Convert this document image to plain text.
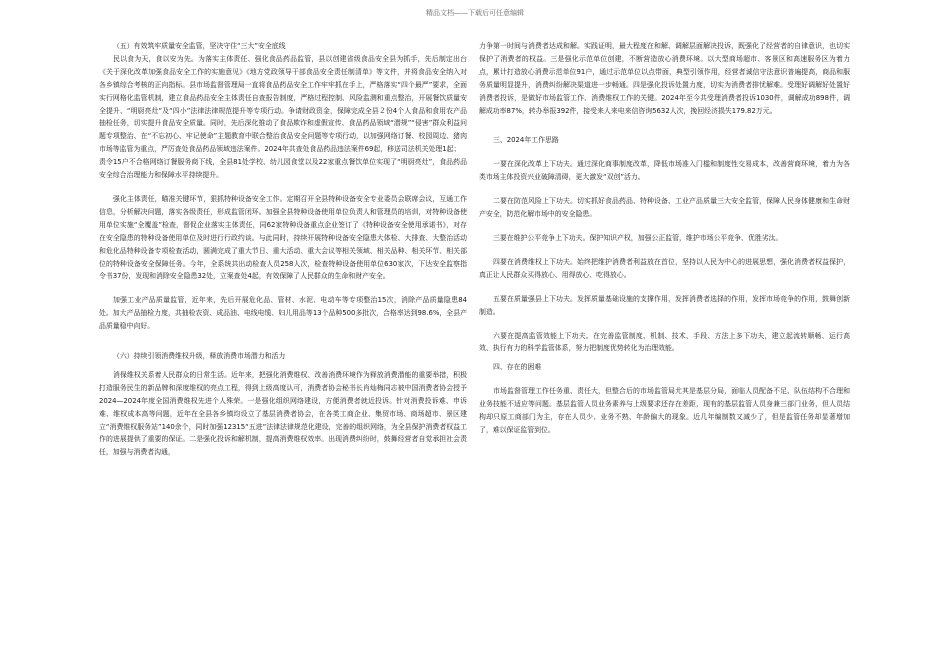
精品文档——下载后可任意编辑

（五）有效筑牢质量安全监管，坚决守住“三大”安全底线

民以食为天，食以安为先。为落实主体责任、强化食品药品监管，县以创建省级食品安全县为抓手，先后制定出台《关于深化改革加强食品安全工作的实施意见》《地方党政领导干部食品安全责任制清单》等文件，并将食品安全纳入对各乡镇综合考核的正向指标。县市场监督管理局一直将食品药品安全工作牢牢抓在手上，严格落实“四个最严”要求，全面实行网格化监管机制，建立食品药品安全主体责任自查报告制度，严格过程控制、风险监测和重点整治，开展餐饮质量安全提升、“明厨亮灶”及“四小”法律法律规范提升等专项行动。争请财政资金，保障完成全县２份4个人食品和食用农产品抽检任务，切实提升食品安全质量。同时，先后深化推动了食品欺诈和虚假宣传、食品药品领域“潜规”“侵害”群众利益问题专项整治、在“不忘初心、牢记使命”主题教育中联合整治食品安全问题等专项行动，以加强网络订餐、校园周边、猪肉市场等监管为重点，严厉查处食品药品领域违法案件。2024年共查处食品药品违法案件69起，移送司法机关处理1起；

责令15户不合格网络订餐服务商下线，全县81处学校、幼儿园食堂以及22家重点餐饮单位实现了“明厨亮灶”，食品药品安全综合治理能力和保障水平持续提升。

强化主体责任，瞄准关键环节，狠抓特种设备安全工作。定期召开全县特种设备安全专业委员会联席会议，互通工作信息，分析解决问题，落实各级责任，形成监管闭环。加强全县特种设备使用单位负责人和管理员的培训，对特种设备使用单位实施“全覆盖”检查，督促企业落实主体责任，同62家特种设备重点企业签订了《特种设备安全使用承诺书》，对存在安全隐患的特种设备使用单位及时进行行政约谈。与此同时，持续开展特种设备安全隐患大体检、大排查、大整治活动和危化品特种设备专项检查活动，圆满完成了重大节日、重大活动、重大会议等相关领域、相关品种、相关环节、相关部位的特种设备安全保障任务。今年，全系统共出动检查人员258人次，检查特种设备使用单位630家次，下达安全监察指令书37份，发现和消除安全隐患32处，立案查处4起，有效保障了人民群众的生命和财产安全。

加强工业产品质量监管，近年来，先后开展危化品、管材、水泥、电动车等专项整治15次，消除产品质量隐患84处。加大产品抽检力度，共抽检农资、成品油、电线电缆、妇儿用品等13个品种500多批次，合格率达到98.6%，全县产品质量稳中向好。

（六）持续引领消费维权升级，释放消费市场潜力和活力

消保维权关系着人民群众的日常生活。近年来，把强化消费维权、改善消费环境作为释放消费潜能的重要举措，积极打造服务民生的新品牌和深度维权的亮点工程，得到上级高度认可，消费者协会秘书长肖灿梅同志被中国消费者协会授予2024—2024年度全国消费维权先进个人殊荣。一是强化组织网络建设，方便消费者就近投诉。针对消费投诉难、申诉难、维权成本高等问题，近年在全县各乡镇均设立了基层消费者协会，在各类工商企业、集贸市场、商场超市、景区建立“消费维权服务站”140余个，同时加强12315“五进”法律法律规范化建设，完善的组织网络，为全县保护消费者权益工作的进展提供了重要的保证。二是强化投诉和解机制，提高消费维权效率。出现消费纠纷时，鼓舞经营者自觉承担社会责任，加强与消费者沟通，

力争第一时间与消费者达成和解。实践证明，最大程度在和解、调解层面解决投诉，既强化了经营者的自律意识，也切实保护了消费者的权益。三是强化示范单位创建，不断营造放心消费环境。以大型商场超市、客景区和高速服务区为着力点，累计打造放心消费示范单位91户，通过示范单位以点带面，典型引领作用，经营者诚信守法意识普遍提高，商品和服务质量明显提升，消费纠纷解决渠道进一步畅通。四是强化投诉处置力度，切实为消费者排忧解难。受理好调解好处置好消费者投诉，是做好市场监管工作、消费维权工作的关键。2024年至今共受理消费者投诉1030件，调解成功898件，调解成功率87%，转办举报392件，接受来人来电来信咨询5632人次，挽回经济损失179.82万元。

三、2024年工作思路

一要在深化改革上下功夫。通过深化商事制度改革，降低市场准入门槛和制度性交易成本，改善营商环境，着力为各类市场主体投资兴业破障清碍，更大激发“双创”活力。

二要在防范风险上下功夫。切实抓好食品药品、特种设备、工业产品质量三大安全监管，保障人民身体健康和生命财产安全，防范化解市场中的安全隐患。

三要在维护公平竞争上下功夫。保护知识产权，加强公正监管，维护市场公平竞争、优胜劣汰。

四要在消费维权上下功夫。始终把维护消费者利益放在首位，坚持以人民为中心的进展思想，强化消费者权益保护，真正让人民群众买得放心、用得放心、吃得放心。

五要在质量强县上下功夫。发挥质量基础设施的支撑作用，发挥消费者选择的作用，发挥市场竞争的作用，鼓舞创新制造。

六要在提高监管效能上下功夫。在完善监管制度、机制、技术、手段、方法上多下功夫，建立起流转顺畅、运行高效、执行有力的科学监管体系，努力把制度优势转化为治理效能。

四、存在的困难

市场监督管理工作任务重、责任大，但整合后的市场监管局尤其是基层分局，面临人员配备不足、队伍结构不合理和业务技能不适应等问题。基层监管人员业务素养与上级要求还存在差距，现有的基层监管人员身兼三部门业务，但人员结构却只原工商部门为主，存在人员少、业务不熟、年龄偏大的现象。近几年编制数又减少了，但是监管任务却显著增加了，难以保证监管到位。
